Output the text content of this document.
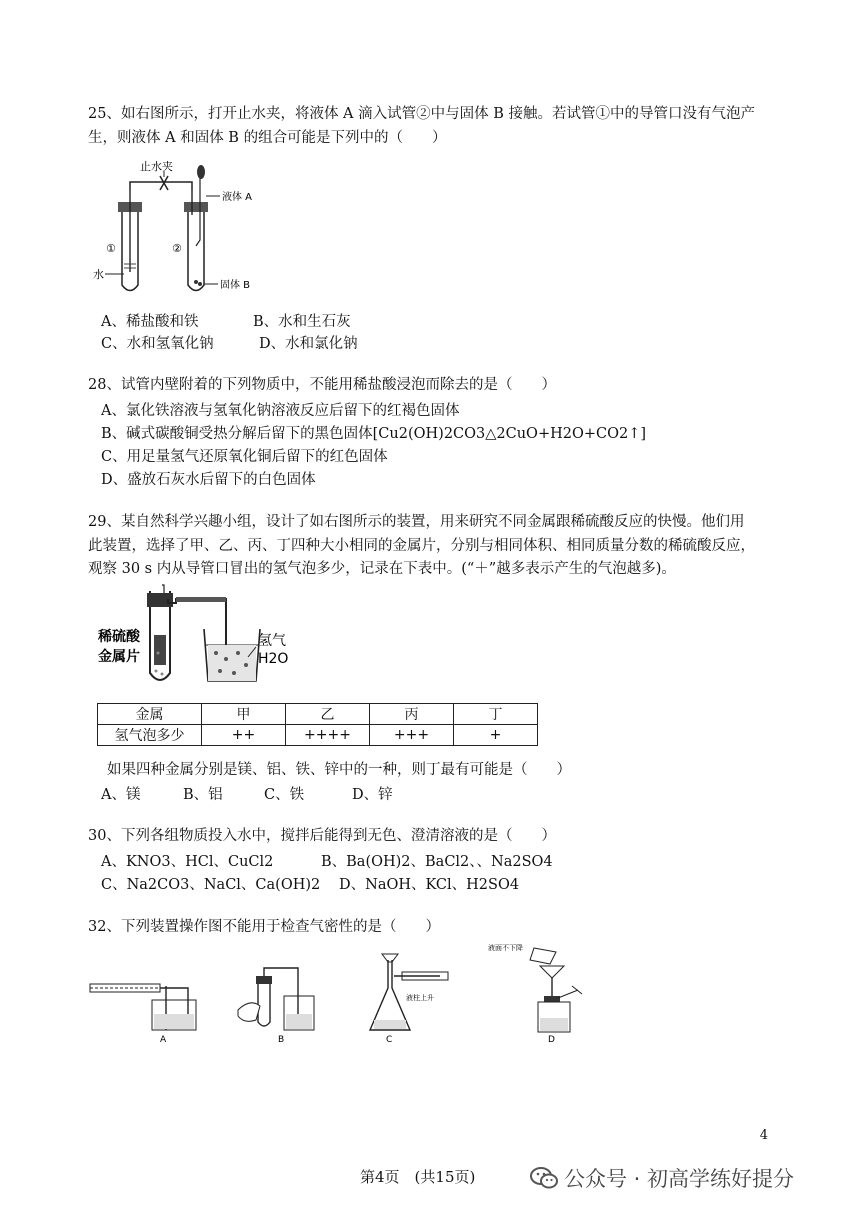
25、如右图所示，打开止水夹，将液体 A 滴入试管②中与固体 B 接触。若试管①中的导管口没有气泡产
生，则液体 A 和固体 B 的组合可能是下列中的（　　）
止水夹
液体 A
①	②
水
固体 B
A、稀盐酸和铁	B、水和生石灰
C、水和氢氧化钠	D、水和氯化钠
28、试管内壁附着的下列物质中，不能用稀盐酸浸泡而除去的是（　　）
A、氯化铁溶液与氢氧化钠溶液反应后留下的红褐色固体
B、碱式碳酸铜受热分解后留下的黑色固体[Cu2(OH)2CO3△2CuO+H2O+CO2↑]
C、用足量氢气还原氧化铜后留下的红色固体
D、盛放石灰水后留下的白色固体
29、某自然科学兴趣小组，设计了如右图所示的装置，用来研究不同金属跟稀硫酸反应的快慢。他们用
此装置，选择了甲、乙、丙、丁四种大小相同的金属片，分别与相同体积、相同质量分数的稀硫酸反应，
观察 30 s 内从导管口冒出的氢气泡多少，记录在下表中。(“＋”越多表示产生的气泡越多)。
稀硫酸
金属片
氢气
H2O
金属	甲	乙	丙	丁
氢气泡多少	++	++++	+++	+
如果四种金属分别是镁、铝、铁、锌中的一种，则丁最有可能是（　　）
A、镁	B、铝	C、铁	D、锌
30、下列各组物质投入水中，搅拌后能得到无色、澄清溶液的是（　　）
A、KNO3、HCl、CuCl2	B、Ba(OH)2、BaCl2、、Na2SO4
C、Na2CO3、NaCl、Ca(OH)2 D、NaOH、KCl、H2SO4
32、下列装置操作图不能用于检查气密性的是（　　）
A	B
液柱上升
C
液面不下降
D
4
第4页　(共15页)	公众号 · 初高学练好提分
